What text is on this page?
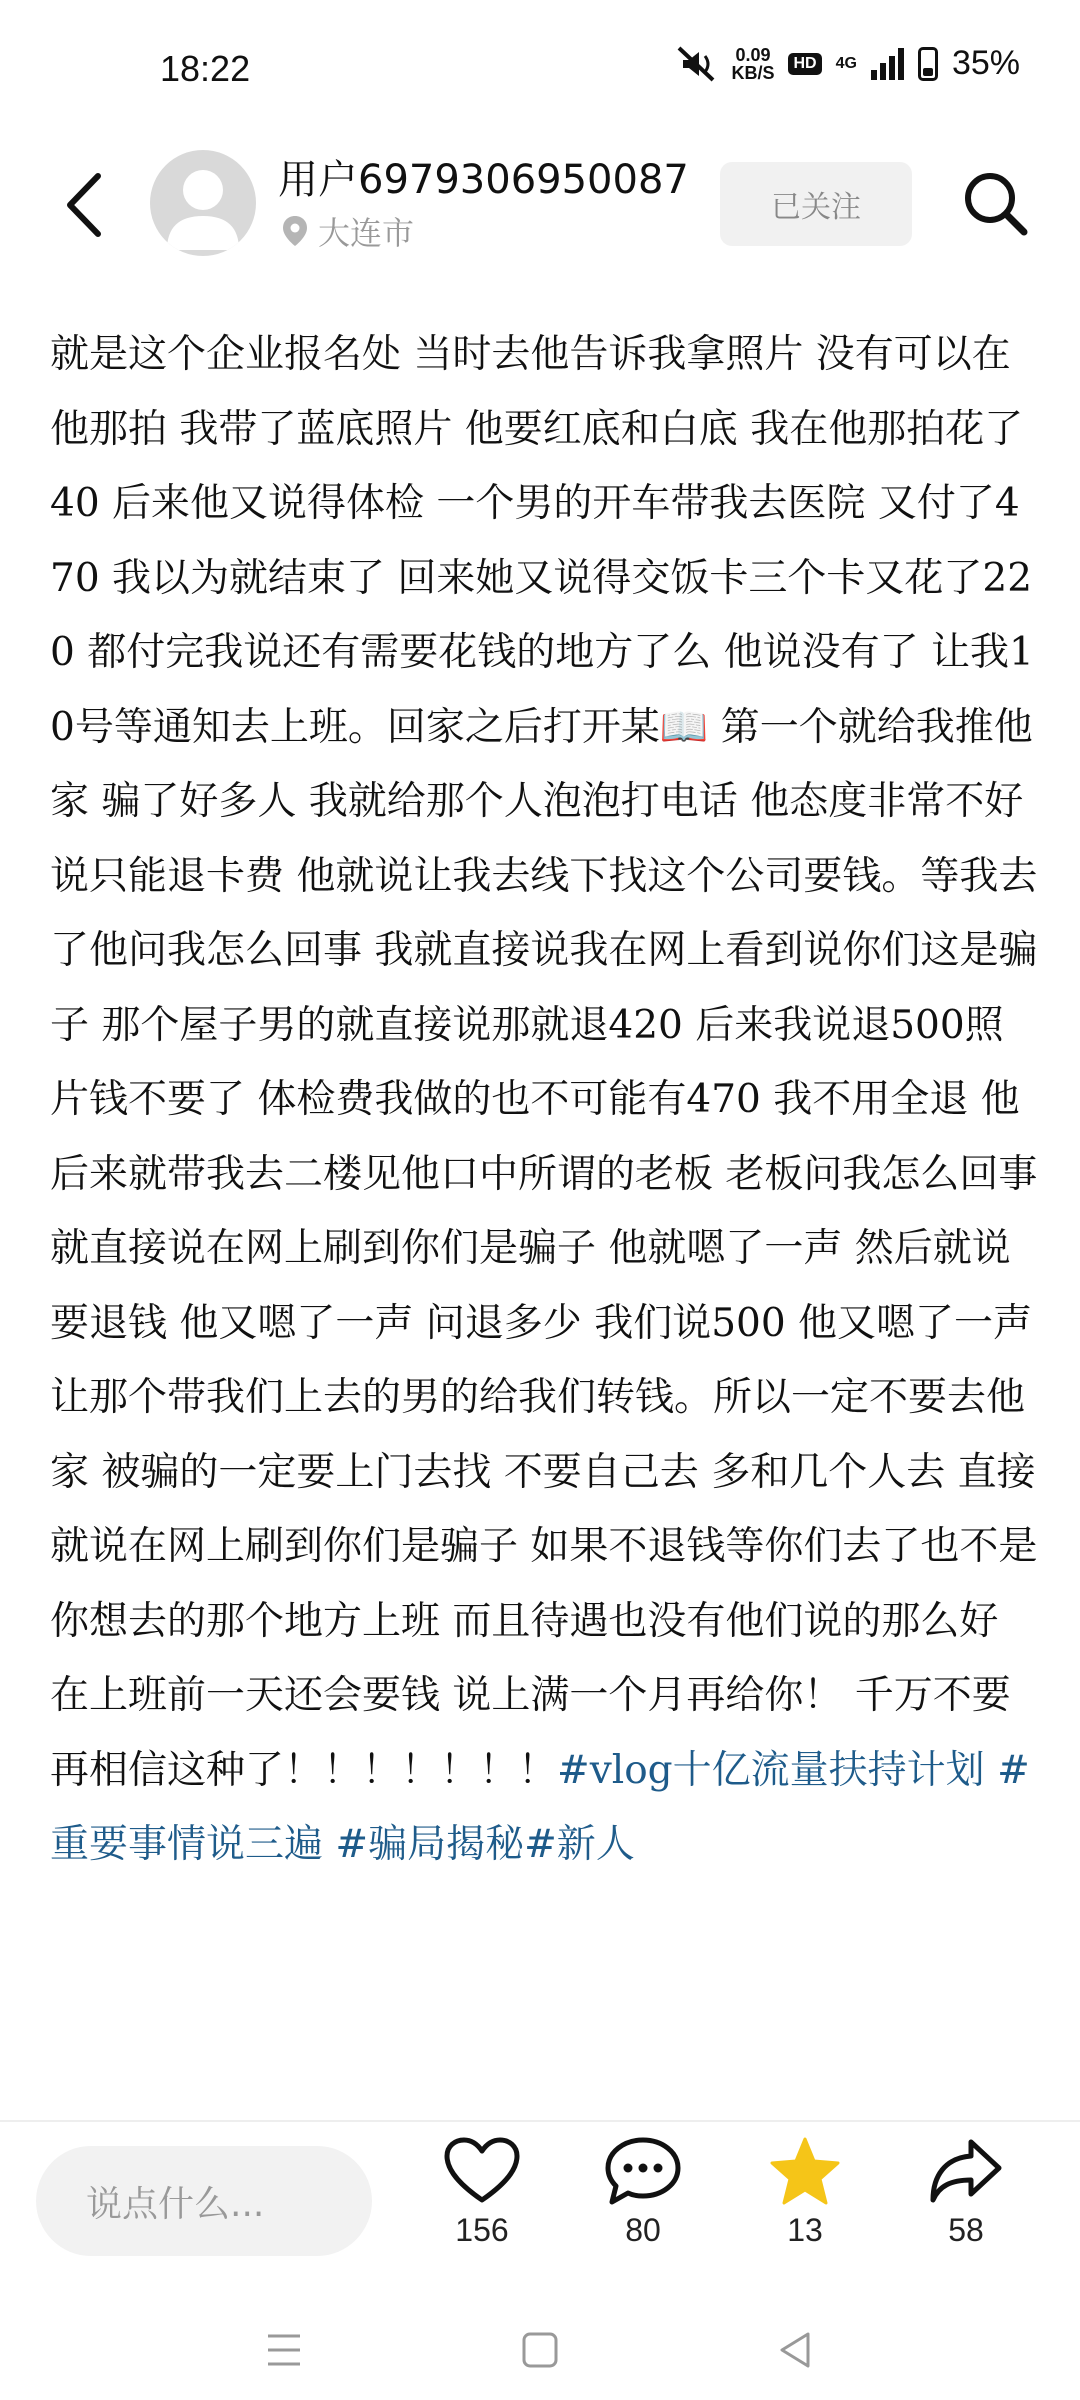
18:22	0.09
KB/S	HD	4G	35%
用户6979306950087
大连市
已关注
就是这个企业报名处 当时去他告诉我拿照片 没有可以在他那拍 我带了蓝底照片 他要红底和白底 我在他那拍花了40 后来他又说得体检 一个男的开车带我去医院 又付了470 我以为就结束了 回来她又说得交饭卡三个卡又花了220 都付完我说还有需要花钱的地方了么 他说没有了 让我10号等通知去上班。回家之后打开某📖 第一个就给我推他家 骗了好多人 我就给那个人泡泡打电话 他态度非常不好 说只能退卡费 他就说让我去线下找这个公司要钱。等我去了他问我怎么回事 我就直接说我在网上看到说你们这是骗子 那个屋子男的就直接说那就退420 后来我说退500照片钱不要了 体检费我做的也不可能有470 我不用全退 他后来就带我去二楼见他口中所谓的老板 老板问我怎么回事 就直接说在网上刷到你们是骗子 他就嗯了一声 然后就说要退钱 他又嗯了一声 问退多少 我们说500 他又嗯了一声 让那个带我们上去的男的给我们转钱。所以一定不要去他家 被骗的一定要上门去找 不要自己去 多和几个人去 直接就说在网上刷到你们是骗子 如果不退钱等你们去了也不是你想去的那个地方上班 而且待遇也没有他们说的那么好 在上班前一天还会要钱 说上满一个月再给你！ 千万不要再相信这种了！！！！！！！#vlog十亿流量扶持计划 #重要事情说三遍 #骗局揭秘#新人
说点什么...
156	80	13	58
